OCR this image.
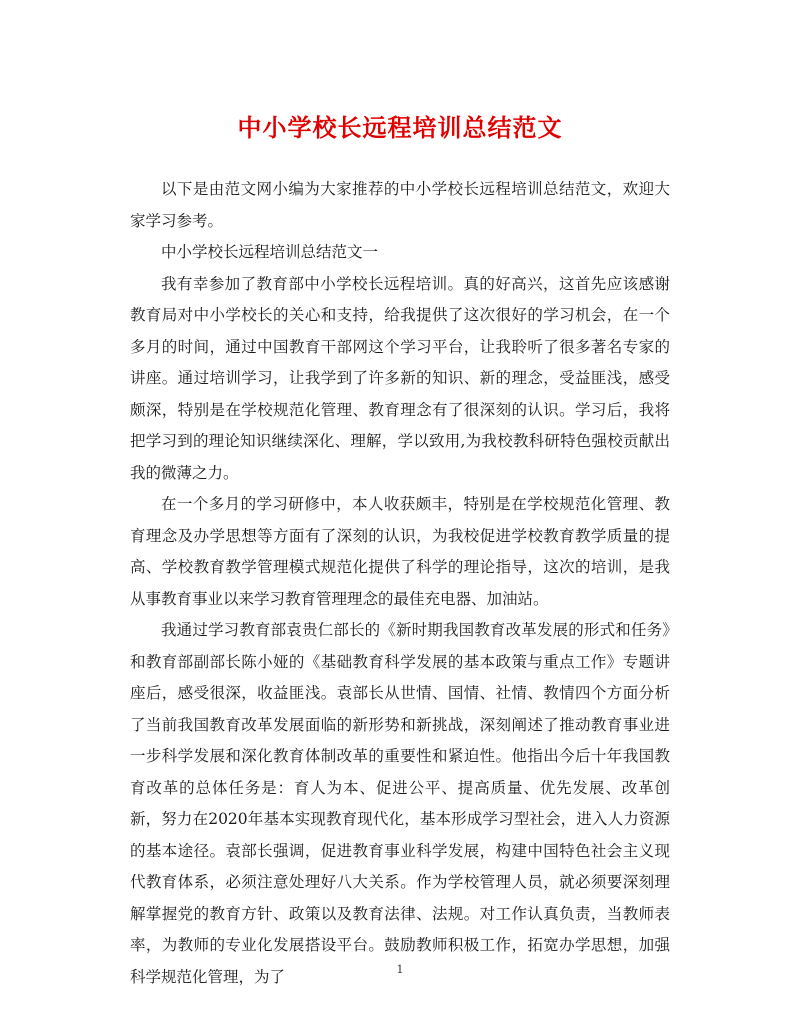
中小学校长远程培训总结范文

以下是由范文网小编为大家推荐的中小学校长远程培训总结范文，欢迎大家学习参考。

中小学校长远程培训总结范文一

我有幸参加了教育部中小学校长远程培训。真的好高兴，这首先应该感谢教育局对中小学校长的关心和支持，给我提供了这次很好的学习机会，在一个多月的时间，通过中国教育干部网这个学习平台，让我聆听了很多著名专家的讲座。通过培训学习，让我学到了许多新的知识、新的理念，受益匪浅，感受颇深，特别是在学校规范化管理、教育理念有了很深刻的认识。学习后，我将把学习到的理论知识继续深化、理解，学以致用,为我校教科研特色强校贡献出我的微薄之力。

在一个多月的学习研修中，本人收获颇丰，特别是在学校规范化管理、教育理念及办学思想等方面有了深刻的认识，为我校促进学校教育教学质量的提高、学校教育教学管理模式规范化提供了科学的理论指导，这次的培训，是我从事教育事业以来学习教育管理理念的最佳充电器、加油站。

我通过学习教育部袁贵仁部长的《新时期我国教育改革发展的形式和任务》和教育部副部长陈小娅的《基础教育科学发展的基本政策与重点工作》专题讲座后，感受很深，收益匪浅。袁部长从世情、国情、社情、教情四个方面分析了当前我国教育改革发展面临的新形势和新挑战，深刻阐述了推动教育事业进一步科学发展和深化教育体制改革的重要性和紧迫性。他指出今后十年我国教育改革的总体任务是：育人为本、促进公平、提高质量、优先发展、改革创新，努力在2020年基本实现教育现代化，基本形成学习型社会，进入人力资源的基本途径。袁部长强调，促进教育事业科学发展，构建中国特色社会主义现代教育体系，必须注意处理好八大关系。作为学校管理人员，就必须要深刻理解掌握党的教育方针、政策以及教育法律、法规。对工作认真负责，当教师表率，为教师的专业化发展搭设平台。鼓励教师积极工作，拓宽办学思想，加强科学规范化管理，为了	1
